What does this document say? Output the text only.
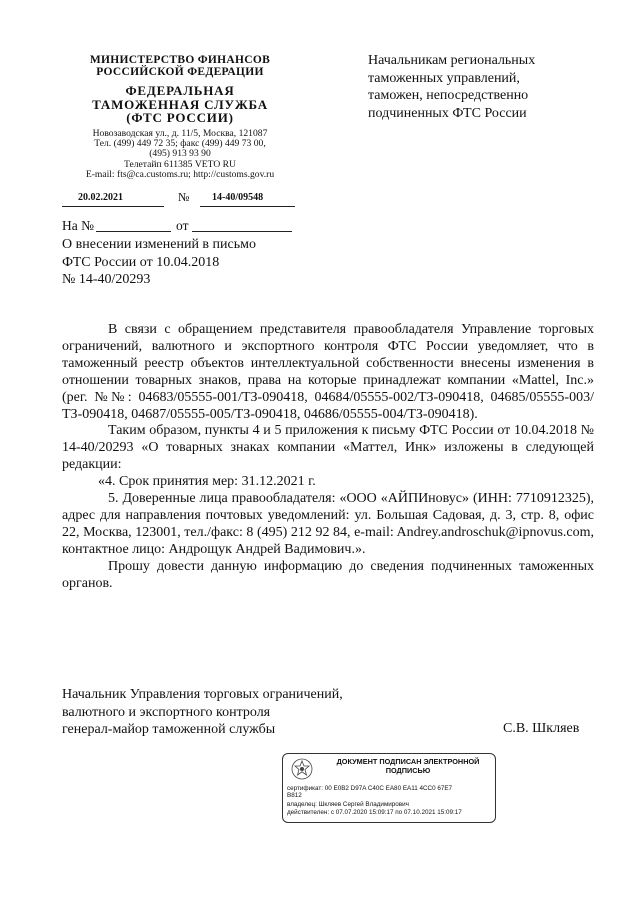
МИНИСТЕРСТВО ФИНАНСОВ
РОССИЙСКОЙ ФЕДЕРАЦИИ
ФЕДЕРАЛЬНАЯ
ТАМОЖЕННАЯ СЛУЖБА
(ФТС РОССИИ)
Новозаводская ул., д. 11/5, Москва, 121087
Тел. (499) 449 72 35; факс (499) 449 73 00,
(495) 913 93 90
Телетайп 611385 VETO RU
E-mail: fts@ca.customs.ru; http://customs.gov.ru
Начальникам региональных
таможенных управлений,
таможен, непосредственно
подчиненных ФТС России
20.02.2021	№ 14-40/09548
На №	от
О внесении изменений в письмо
ФТС России от 10.04.2018
№ 14-40/20293

В связи с обращением представителя правообладателя Управление торговых ограничений, валютного и экспортного контроля ФТС России уведомляет, что в таможенный реестр объектов интеллектуальной собственности внесены изменения в отношении товарных знаков, права на которые принадлежат компании «Mattel, Inc.» (рег. №№: 04683/05555-001/ТЗ-090418, 04684/05555-002/ТЗ-090418, 04685/05555-003/ТЗ-090418, 04687/05555-005/ТЗ-090418, 04686/05555-004/ТЗ-090418).

Таким образом, пункты 4 и 5 приложения к письму ФТС России от 10.04.2018 № 14-40/20293 «О товарных знаках компании «Маттел, Инк» изложены в следующей редакции:

«4. Срок принятия мер: 31.12.2021 г.

5. Доверенные лица правообладателя: «ООО «АЙПИновус» (ИНН: 7710912325), адрес для направления почтовых уведомлений: ул. Большая Садовая, д. 3, стр. 8, офис 22, Москва, 123001, тел./факс: 8 (495) 212 92 84, e-mail: Andrey.androschuk@ipnovus.com, контактное лицо: Андрощук Андрей Вадимович.».

Прошу довести данную информацию до сведения подчиненных таможенных органов.

Начальник Управления торговых ограничений,
валютного и экспортного контроля
генерал-майор таможенной службы	С.В. Шкляев
ДОКУМЕНТ ПОДПИСАН ЭЛЕКТРОННОЙ
ПОДПИСЬЮ
сертификат: 00 E0B2 D97A C40C EA80 EA11 4CC0 67E7
B812
владелец: Шкляев Сергей Владимирович
действителен: с 07.07.2020 15:09:17 по 07.10.2021 15:09:17
